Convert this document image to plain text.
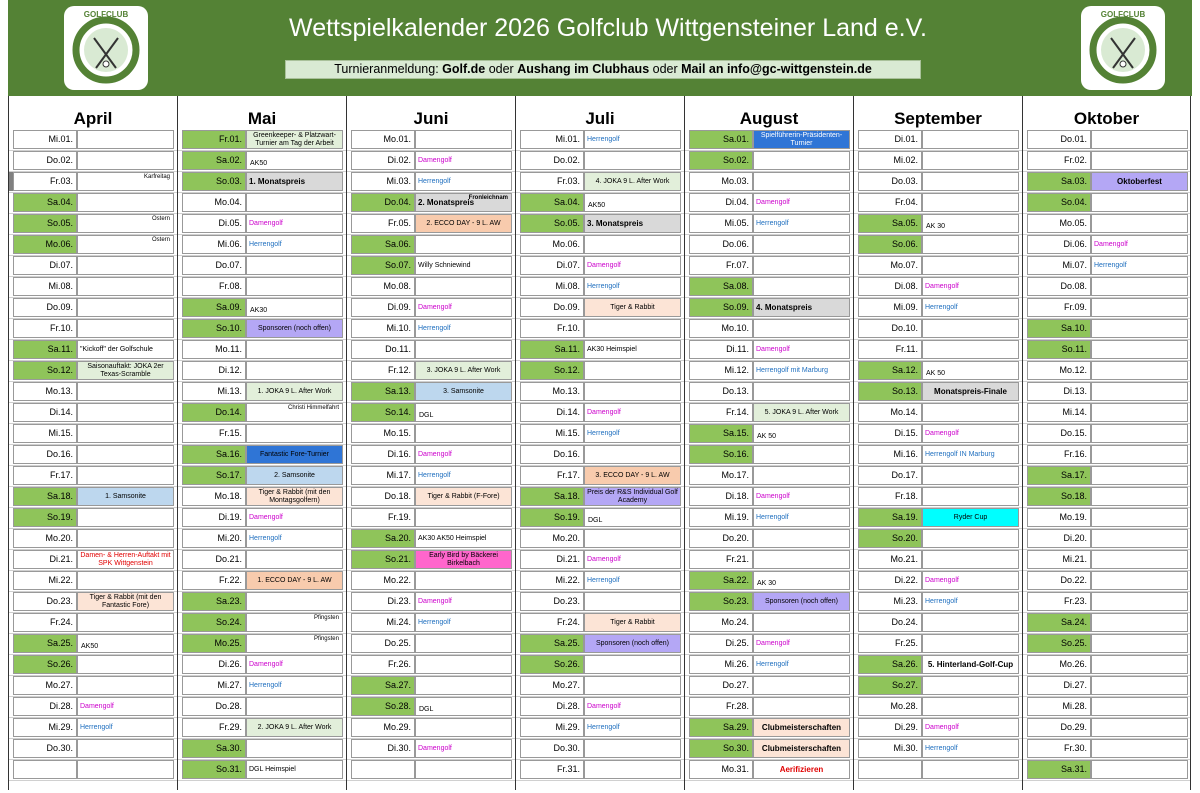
GOLFCLUB	Wettspielkalender 2026 Golfclub Wittgensteiner Land e.V.
Turnieranmeldung: Golf.de oder Aushang im Clubhaus oder Mail an info@gc-wittgenstein.de
GOLFCLUB
April
Mi.01.
Do.02.
Fr.03.	Karfreitag
Sa.04.
So.05.	Ostern
Mo.06.	Ostern
Di.07.
Mi.08.
Do.09.
Fr.10.
Sa.11.	"Kickoff" der Golfschule
So.12.	Saisonauftakt: JOKA 2er Texas-Scramble
Mo.13.
Di.14.
Mi.15.
Do.16.
Fr.17.
Sa.18.	1. Samsonite
So.19.
Mo.20.
Di.21.	Damen- & Herren-Auftakt mit SPK Wittgenstein
Mi.22.
Do.23.	Tiger & Rabbit (mit den Fantastic Fore)
Fr.24.
Sa.25.	AK50
So.26.
Mo.27.
Di.28.	Damengolf
Mi.29.	Herrengolf
Do.30.
Mai
Fr.01.	Greenkeeper- & Platzwart-Turnier am Tag der Arbeit
Sa.02.	AK50
So.03. 1. Monatspreis
Mo.04.
Di.05.	Damengolf
Mi.06.	Herrengolf
Do.07.
Fr.08.
Sa.09.	AK30
So.10.	Sponsoren (noch offen)
Mo.11.
Di.12.
Mi.13.	1. JOKA 9 L. After Work
Do.14.	Christi Himmelfahrt
Fr.15.
Sa.16.	Fantastic Fore-Turnier
So.17.	2. Samsonite
Mo.18.	Tiger & Rabbit (mit den Montagsgolfern)
Di.19.	Damengolf
Mi.20.	Herrengolf
Do.21.
Fr.22.	1. ECCO DAY - 9 L. AW
Sa.23.
So.24.	Pfingsten
Mo.25.	Pfingsten
Di.26.	Damengolf
Mi.27.	Herrengolf
Do.28.
Fr.29.	2. JOKA 9 L. After Work
Sa.30.
So.31.	DGL Heimspiel
Juni
Mo.01.
Di.02.	Damengolf
Mi.03.	Herrengolf
Do.04. 2. Monatspreis
Fronleichnam
Fr.05.	2. ECCO DAY - 9 L. AW
Sa.06.
So.07.	Willy Schniewind
Mo.08.
Di.09.	Damengolf
Mi.10.	Herrengolf
Do.11.
Fr.12.	3. JOKA 9 L. After Work
Sa.13.	3. Samsonite
So.14.	DGL
Mo.15.
Di.16.	Damengolf
Mi.17.	Herrengolf
Do.18.	Tiger & Rabbit (F-Fore)
Fr.19.
Sa.20.	AK30 AK50 Heimspiel
So.21.	Early Bird by Bäckerei Birkelbach
Mo.22.
Di.23.	Damengolf
Mi.24.	Herrengolf
Do.25.
Fr.26.
Sa.27.
So.28.	DGL
Mo.29.
Di.30.	Damengolf
Juli
Mi.01.	Herrengolf
Do.02.
Fr.03.	4. JOKA 9 L. After Work
Sa.04.	AK50
So.05. 3. Monatspreis
Mo.06.
Di.07.	Damengolf
Mi.08.	Herrengolf
Do.09.	Tiger & Rabbit
Fr.10.
Sa.11.	AK30 Heimspiel
So.12.
Mo.13.
Di.14.	Damengolf
Mi.15.	Herrengolf
Do.16.
Fr.17.	3. ECCO DAY - 9 L. AW
Sa.18.	Preis der R&S Individual Golf Academy
So.19.	DGL
Mo.20.
Di.21.	Damengolf
Mi.22.	Herrengolf
Do.23.
Fr.24.	Tiger & Rabbit
Sa.25.	Sponsoren (noch offen)
So.26.
Mo.27.
Di.28.	Damengolf
Mi.29.	Herrengolf
Do.30.
Fr.31.
August
Sa.01.	Spielführerin-Präsidenten-Turnier
So.02.
Mo.03.
Di.04.	Damengolf
Mi.05.	Herrengolf
Do.06.
Fr.07.
Sa.08.
So.09. 4. Monatspreis
Mo.10.
Di.11.	Damengolf
Mi.12.	Herrengolf mit Marburg
Do.13.
Fr.14.	5. JOKA 9 L. After Work
Sa.15.	AK 50
So.16.
Mo.17.
Di.18.	Damengolf
Mi.19.	Herrengolf
Do.20.
Fr.21.
Sa.22.	AK 30
So.23.	Sponsoren (noch offen)
Mo.24.
Di.25.	Damengolf
Mi.26.	Herrengolf
Do.27.
Fr.28.
Sa.29.	Clubmeisterschaften
So.30.	Clubmeisterschaften
Mo.31.	Aerifizieren
September
Di.01.
Mi.02.
Do.03.
Fr.04.
Sa.05.	AK 30
So.06.
Mo.07.
Di.08.	Damengolf
Mi.09.	Herrengolf
Do.10.
Fr.11.
Sa.12.	AK 50
So.13.	Monatspreis-Finale
Mo.14.
Di.15.	Damengolf
Mi.16.	Herrengolf IN Marburg
Do.17.
Fr.18.
Sa.19.	Ryder Cup
So.20.
Mo.21.
Di.22.	Damengolf
Mi.23.	Herrengolf
Do.24.
Fr.25.
Sa.26.	5. Hinterland-Golf-Cup
So.27.
Mo.28.
Di.29.	Damengolf
Mi.30.	Herrengolf
Oktober
Do.01.
Fr.02.
Sa.03.	Oktoberfest
So.04.
Mo.05.
Di.06.	Damengolf
Mi.07.	Herrengolf
Do.08.
Fr.09.
Sa.10.
So.11.
Mo.12.
Di.13.
Mi.14.
Do.15.
Fr.16.
Sa.17.
So.18.
Mo.19.
Di.20.
Mi.21.
Do.22.
Fr.23.
Sa.24.
So.25.
Mo.26.
Di.27.
Mi.28.
Do.29.
Fr.30.
Sa.31.
